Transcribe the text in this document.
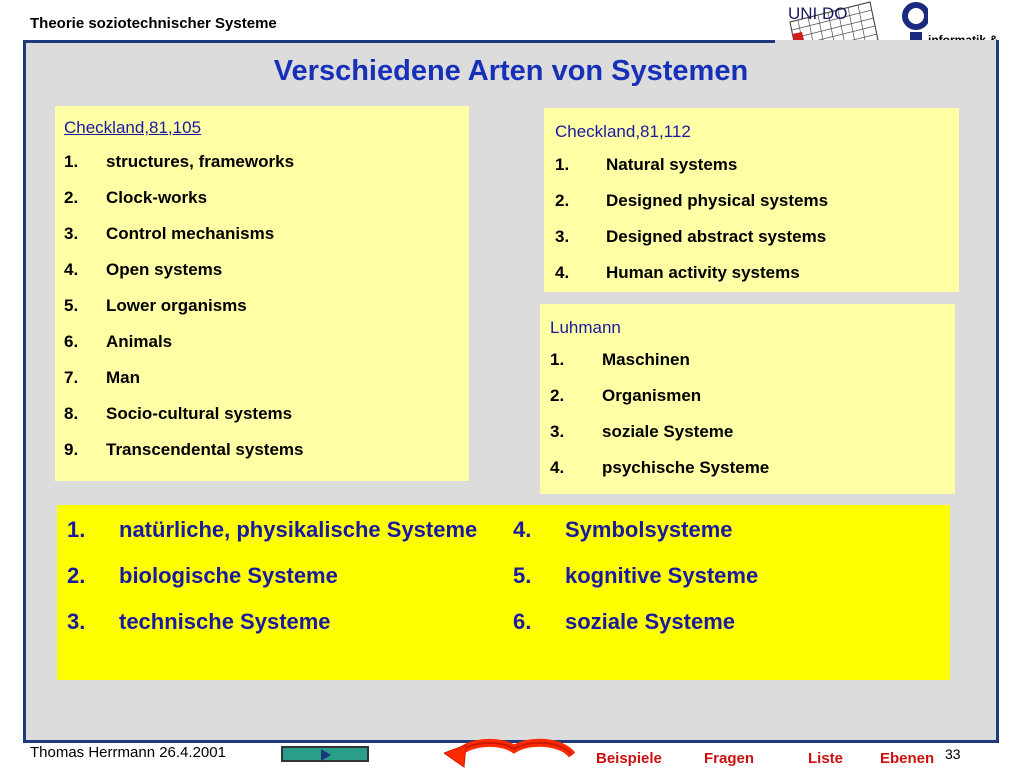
Theorie soziotechnischer Systeme
UNI DO
Verschiedene Arten von Systemen
Checkland,81,105
1.	structures, frameworks
2.	Clock-works
3.	Control mechanisms
4.	Open systems
5.	Lower organisms
6.	Animals
7.	Man
8.	Socio-cultural systems
9.	Transcendental systems
Checkland,81,112
1.	Natural systems
2.	Designed physical systems
3.	Designed abstract systems
4.	Human activity systems
Luhmann
1.	Maschinen
2.	Organismen
3.	soziale Systeme
4.	psychische Systeme
1.	natürliche, physikalische Systeme
2.	biologische Systeme
3.	technische Systeme
4.	Symbolsysteme
5.	kognitive Systeme
6.	soziale Systeme
Thomas Herrmann 26.4.2001	Beispiele	Fragen	Liste Ebenen 33
